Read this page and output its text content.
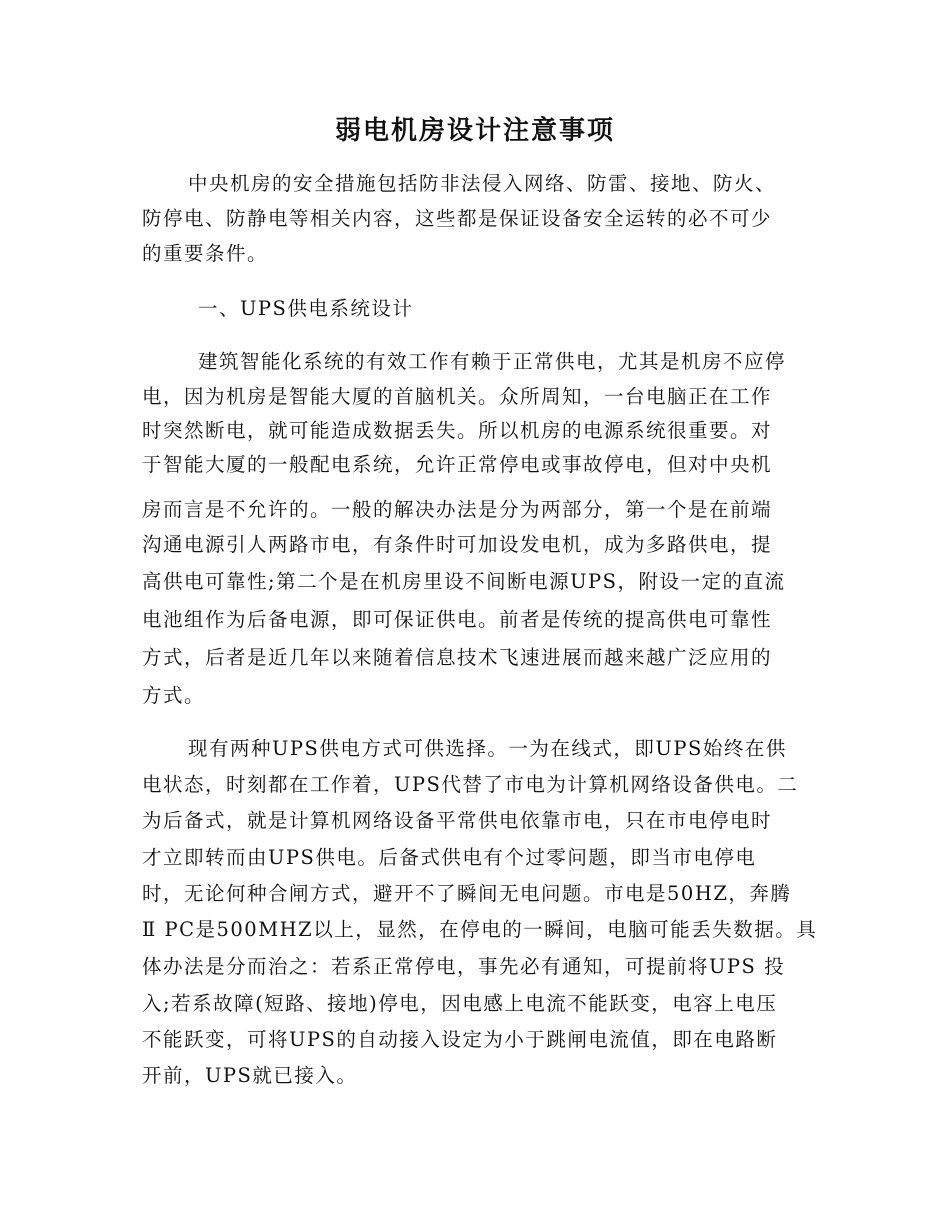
弱电机房设计注意事项
中央机房的安全措施包括防非法侵入网络、防雷、接地、防火、
防停电、防静电等相关内容，这些都是保证设备安全运转的必不可少
的重要条件。
一、UPS供电系统设计
建筑智能化系统的有效工作有赖于正常供电，尤其是机房不应停
电，因为机房是智能大厦的首脑机关。众所周知，一台电脑正在工作
时突然断电，就可能造成数据丢失。所以机房的电源系统很重要。对
于智能大厦的一般配电系统，允许正常停电或事故停电，但对中央机
房而言是不允许的。一般的解决办法是分为两部分，第一个是在前端
沟通电源引人两路市电，有条件时可加设发电机，成为多路供电，提
高供电可靠性;第二个是在机房里设不间断电源UPS，附设一定的直流
电池组作为后备电源，即可保证供电。前者是传统的提高供电可靠性
方式，后者是近几年以来随着信息技术飞速进展而越来越广泛应用的
方式。
现有两种UPS供电方式可供选择。一为在线式，即UPS始终在供
电状态，时刻都在工作着，UPS代替了市电为计算机网络设备供电。二
为后备式，就是计算机网络设备平常供电依靠市电，只在市电停电时
才立即转而由UPS供电。后备式供电有个过零问题，即当市电停电
时，无论何种合闸方式，避开不了瞬间无电问题。市电是50HZ，奔腾
Ⅱ PC是500MHZ以上，显然，在停电的一瞬间，电脑可能丢失数据。具
体办法是分而治之：若系正常停电，事先必有通知，可提前将UPS 投
入;若系故障(短路、接地)停电，因电感上电流不能跃变，电容上电压
不能跃变，可将UPS的自动接入设定为小于跳闸电流值，即在电路断
开前，UPS就已接入。
